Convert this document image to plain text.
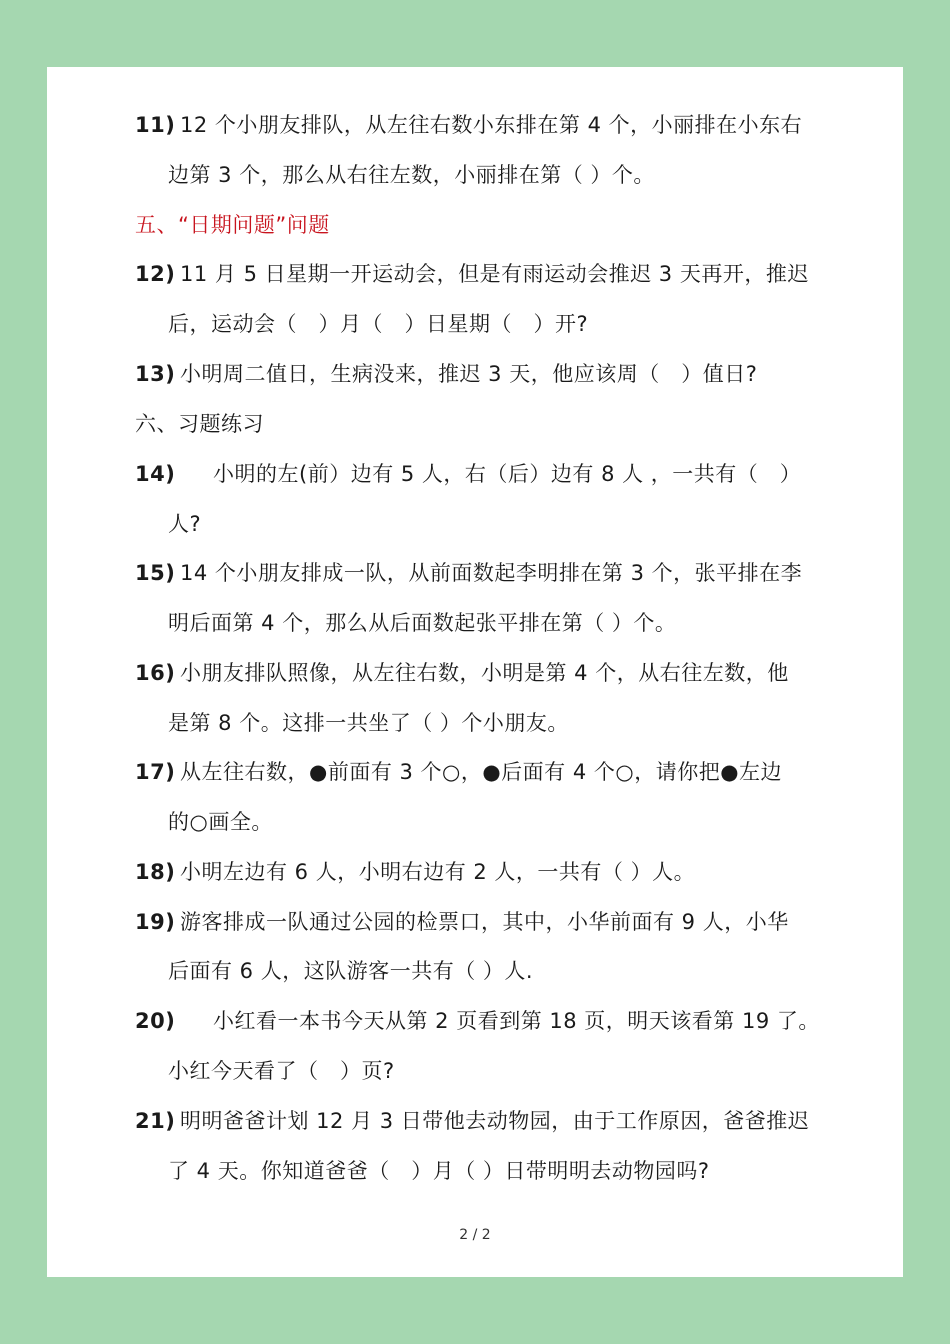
11) 12 个小朋友排队，从左往右数小东排在第 4 个，小丽排在小东右
边第 3 个，那么从右往左数，小丽排在第（ ）个。
五、“日期问题”问题
12) 11 月 5 日星期一开运动会，但是有雨运动会推迟 3 天再开，推迟
后，运动会（　）月（　）日星期（　）开?
13) 小明周二值日，生病没来，推迟 3 天，他应该周（　）值日?
六、习题练习
14) 小明的左(前）边有 5 人，右（后）边有 8 人 ，一共有（　）
人?
15) 14 个小朋友排成一队，从前面数起李明排在第 3 个，张平排在李
明后面第 4 个，那么从后面数起张平排在第（ ）个。
16) 小朋友排队照像，从左往右数，小明是第 4 个，从右往左数，他
是第 8 个。这排一共坐了（ ）个小朋友。
17) 从左往右数，●前面有 3 个○，●后面有 4 个○，请你把●左边
的○画全。
18) 小明左边有 6 人，小明右边有 2 人，一共有（ ）人。
19) 游客排成一队通过公园的检票口，其中，小华前面有 9 人，小华
后面有 6 人，这队游客一共有（ ）人.
20) 小红看一本书今天从第 2 页看到第 18 页，明天该看第 19 了。
小红今天看了（　）页?
21) 明明爸爸计划 12 月 3 日带他去动物园，由于工作原因，爸爸推迟
了 4 天。你知道爸爸（　）月（ ）日带明明去动物园吗?
2 / 2
